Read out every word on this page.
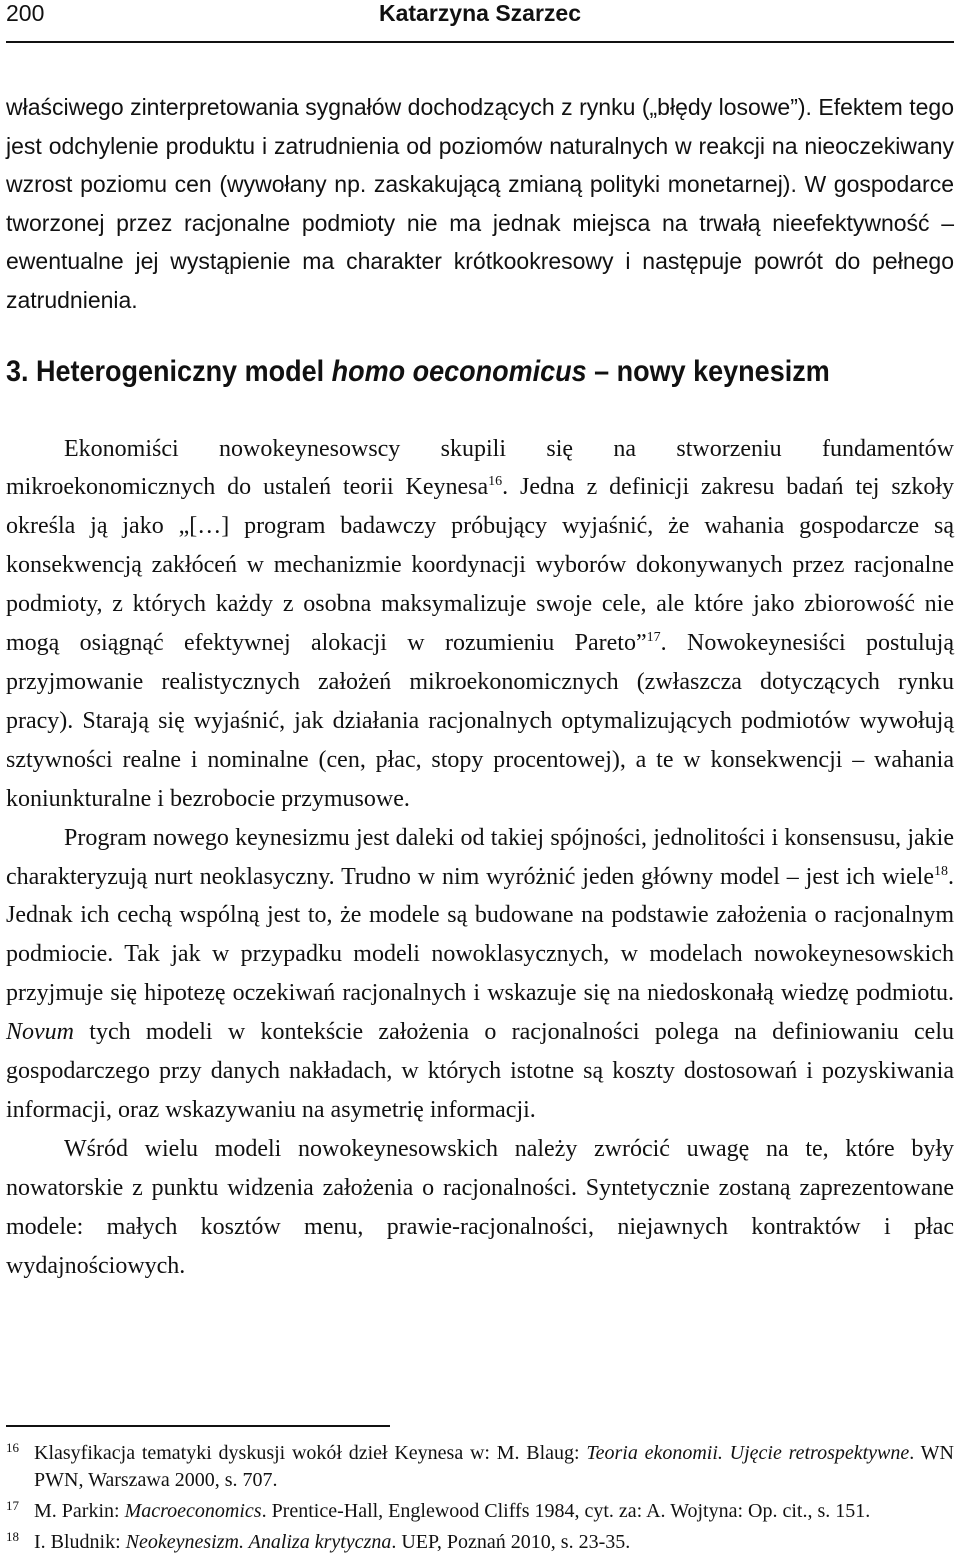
200	Katarzyna Szarzec

właściwego zinterpretowania sygnałów dochodzących z rynku („błędy losowe”). Efektem tego jest odchylenie produktu i zatrudnienia od poziomów naturalnych w reakcji na nieoczekiwany wzrost poziomu cen (wywołany np. zaskakującą zmianą polityki monetarnej). W gospodarce tworzonej przez racjonalne podmioty nie ma jednak miejsca na trwałą nieefektywność – ewentualne jej wystąpienie ma charakter krótkookresowy i następuje powrót do pełnego zatrudnienia.

3. Heterogeniczny model homo oeconomicus – nowy keynesizm

Ekonomiści nowokeynesowscy skupili się na stworzeniu fundamentów mikroekonomicznych do ustaleń teorii Keynesa$^{16}$. Jedna z definicji zakresu badań tej szkoły określa ją jako „[…] program badawczy próbujący wyjaśnić, że wahania gospodarcze są konsekwencją zakłóceń w mechanizmie koordynacji wyborów dokonywanych przez racjonalne podmioty, z których każdy z osobna maksymalizuje swoje cele, ale które jako zbiorowość nie mogą osiągnąć efektywnej alokacji w rozumieniu Pareto”$^{17}$. Nowokeynesiści postulują przyjmowanie realistycznych założeń mikroekonomicznych (zwłaszcza dotyczących rynku pracy). Starają się wyjaśnić, jak działania racjonalnych optymalizujących podmiotów wywołują sztywności realne i nominalne (cen, płac, stopy procentowej), a te w konsekwencji – wahania koniunkturalne i bezrobocie przymusowe.

Program nowego keynesizmu jest daleki od takiej spójności, jednolitości i konsensusu, jakie charakteryzują nurt neoklasyczny. Trudno w nim wyróżnić jeden główny model – jest ich wiele$^{18}$. Jednak ich cechą wspólną jest to, że modele są budowane na podstawie założenia o racjonalnym podmiocie. Tak jak w przypadku modeli nowoklasycznych, w modelach nowokeynesowskich przyjmuje się hipotezę oczekiwań racjonalnych i wskazuje się na niedoskonałą wiedzę podmiotu. Novum tych modeli w kontekście założenia o racjonalności polega na definiowaniu celu gospodarczego przy danych nakładach, w których istotne są koszty dostosowań i pozyskiwania informacji, oraz wskazywaniu na asymetrię informacji.

Wśród wielu modeli nowokeynesowskich należy zwrócić uwagę na te, które były nowatorskie z punktu widzenia założenia o racjonalności. Syntetycznie zostaną zaprezentowane modele: małych kosztów menu, prawie-racjonalności, niejawnych kontraktów i płac wydajnościowych.

16 Klasyfikacja tematyki dyskusji wokół dzieł Keynesa w: M. Blaug: Teoria ekonomii. Ujęcie retrospektywne. WN PWN, Warszawa 2000, s. 707.
17 M. Parkin: Macroeconomics. Prentice-Hall, Englewood Cliffs 1984, cyt. za: A. Wojtyna: Op. cit., s. 151.
18 I. Bludnik: Neokeynesizm. Analiza krytyczna. UEP, Poznań 2010, s. 23-35.
